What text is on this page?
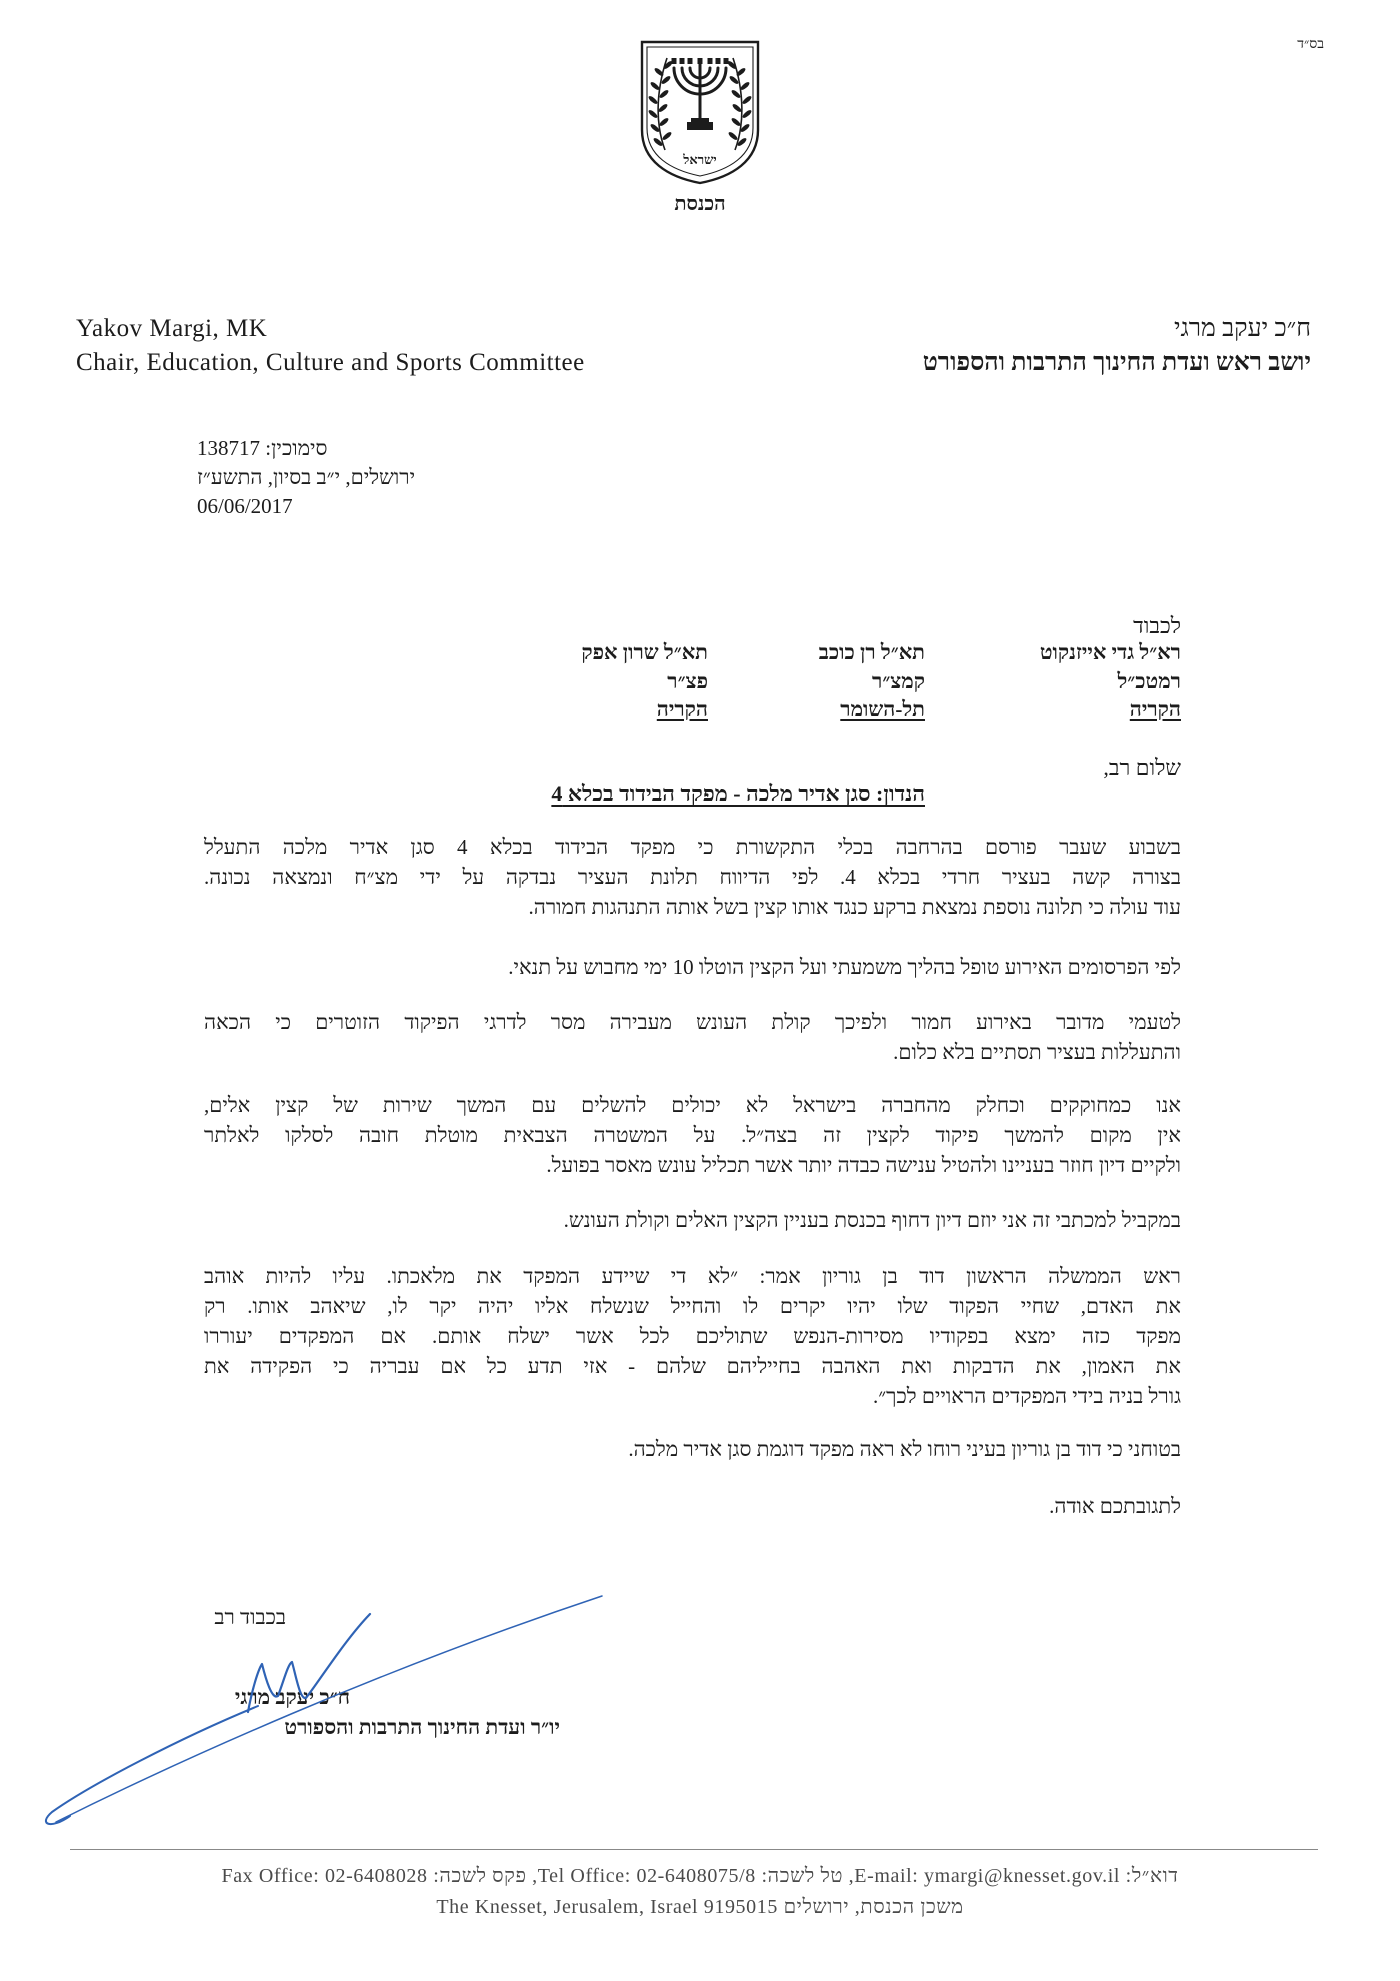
בס״ד
ישראל
הכנסת
Yakov Margi, MK
Chair, Education, Culture and Sports Committee
ח״כ יעקב מרגי
יושב ראש ועדת החינוך התרבות והספורט
סימוכין: 138717
ירושלים, י״ב בסיון, התשע״ז
06/06/2017
לכבוד
רא״ל גדי אייזנקוט
רמטכ״ל
הקריה
תא״ל רן כוכב
קמצ״ר
תל-השומר
תא״ל שרון אפק
פצ״ר
הקריה
שלום רב,
הנדון: סגן אדיר מלכה - מפקד הבידוד בכלא 4
בשבוע שעבר פורסם בהרחבה בכלי התקשורת כי מפקד הבידוד בכלא 4 סגן אדיר מלכה התעלל
בצורה קשה בעציר חרדי בכלא 4. לפי הדיווח תלונת העציר נבדקה על ידי מצ״ח ונמצאה נכונה.
עוד עולה כי תלונה נוספת נמצאת ברקע כנגד אותו קצין בשל אותה התנהגות חמורה.
לפי הפרסומים האירוע טופל בהליך משמעתי ועל הקצין הוטלו 10 ימי מחבוש על תנאי.
לטעמי מדובר באירוע חמור ולפיכך קולת העונש מעבירה מסר לדרגי הפיקוד הזוטרים כי הכאה
והתעללות בעציר תסתיים בלא כלום.
אנו כמחוקקים וכחלק מהחברה בישראל לא יכולים להשלים עם המשך שירות של קצין אלים,
אין מקום להמשך פיקוד לקצין זה בצה״ל. על המשטרה הצבאית מוטלת חובה לסלקו לאלתר
ולקיים דיון חוזר בעניינו ולהטיל ענישה כבדה יותר אשר תכליל עונש מאסר בפועל.
במקביל למכתבי זה אני יוזם דיון דחוף בכנסת בעניין הקצין האלים וקולת העונש.
ראש הממשלה הראשון דוד בן גוריון אמר: ״לא די שיידע המפקד את מלאכתו. עליו להיות אוהב
את האדם, שחיי הפקוד שלו יהיו יקרים לו והחייל שנשלח אליו יהיה יקר לו, שיאהב אותו. רק
מפקד כזה ימצא בפקודיו מסירות-הנפש שתוליכם לכל אשר ישלח אותם. אם המפקדים יעוררו
את האמון, את הדבקות ואת האהבה בחייליהם שלהם - אזי תדע כל אם עבריה כי הפקידה את
גורל בניה בידי המפקדים הראויים לכך״.
בטוחני כי דוד בן גוריון בעיני רוחו לא ראה מפקד דוגמת סגן אדיר מלכה.
לתגובתכם אודה.
בכבוד רב
ח״כ יעקב מרגי
יו״ר ועדת החינוך התרבות והספורט
דוא״ל: E-mail: ymargi@knesset.gov.il, טל לשכה: Tel Office: 02-6408075/8, פקס לשכה: Fax Office: 02-6408028
משכן הכנסת, ירושלים The Knesset, Jerusalem, Israel 9195015
